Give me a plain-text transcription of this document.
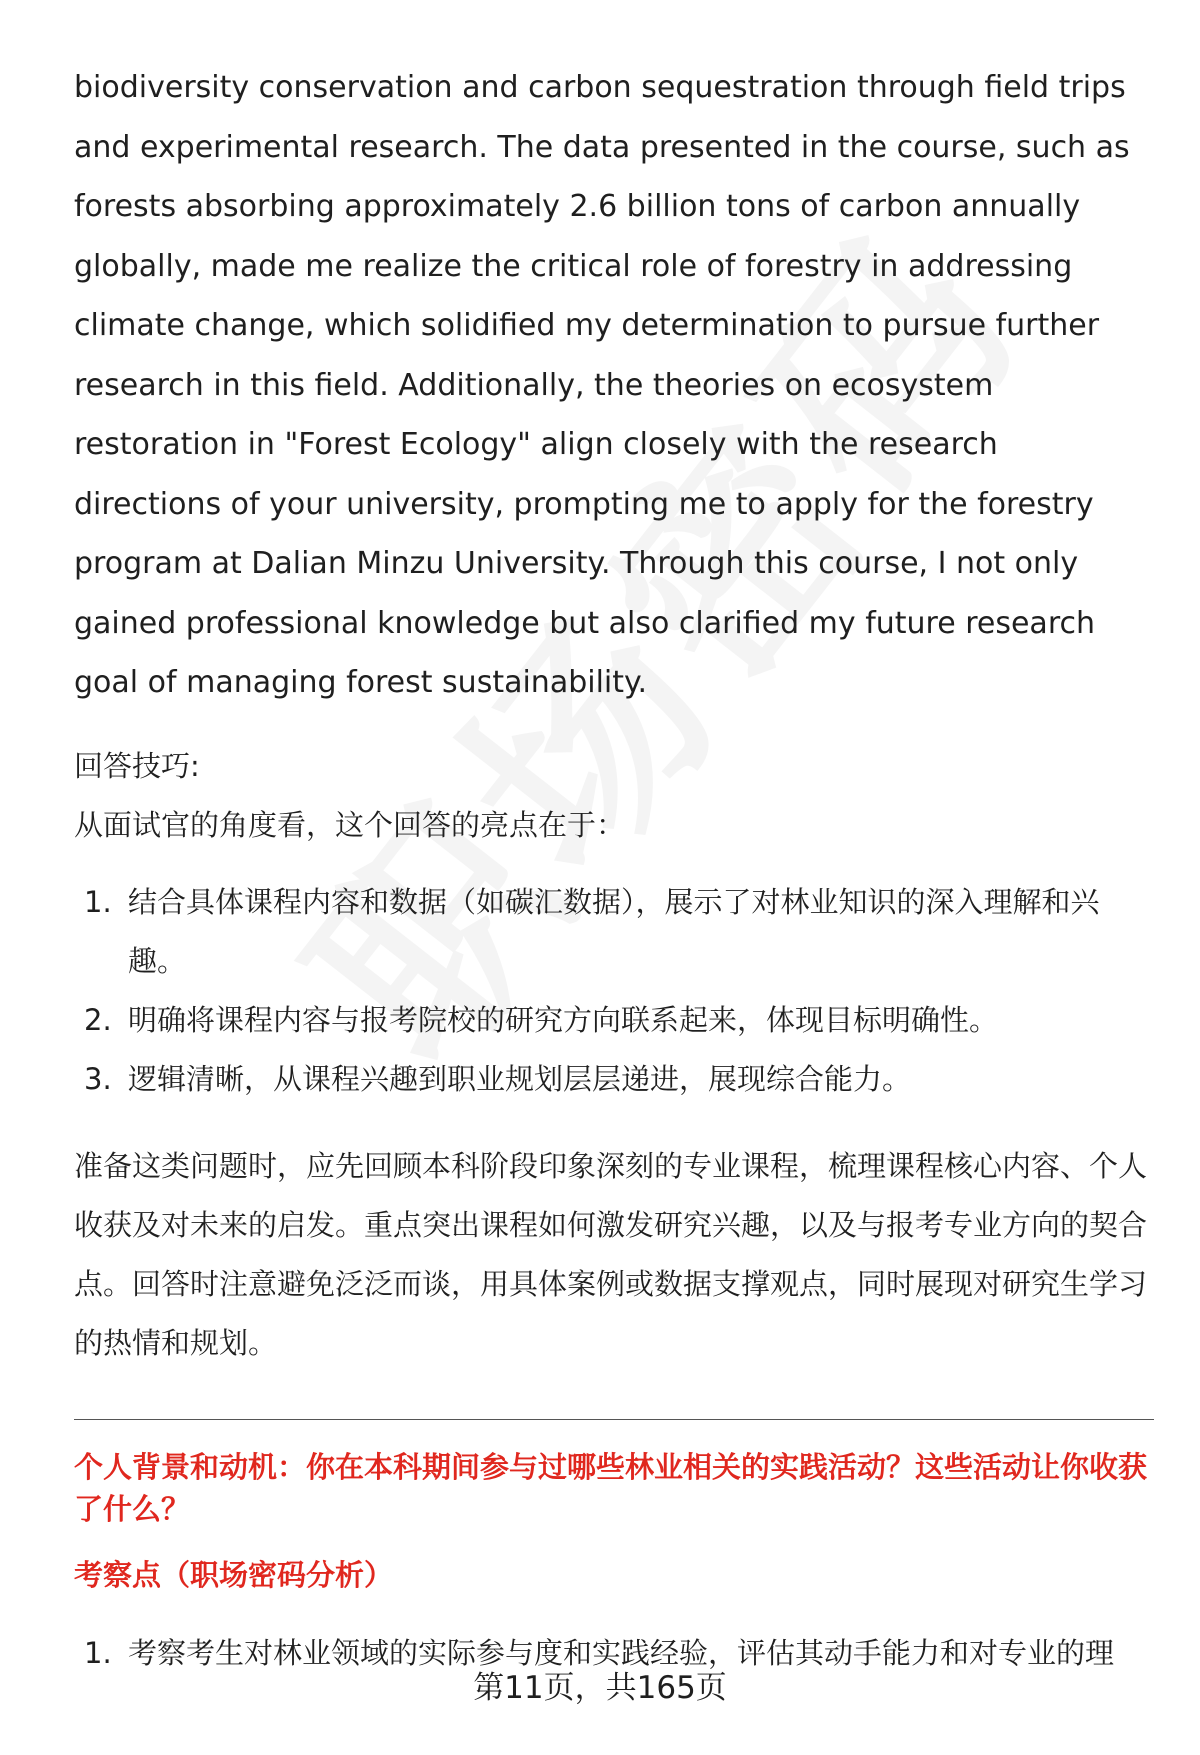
biodiversity conservation and carbon sequestration through field trips and experimental research. The data presented in the course, such as forests absorbing approximately 2.6 billion tons of carbon annually globally, made me realize the critical role of forestry in addressing climate change, which solidified my determination to pursue further research in this field. Additionally, the theories on ecosystem restoration in "Forest Ecology" align closely with the research directions of your university, prompting me to apply for the forestry program at Dalian Minzu University. Through this course, I not only gained professional knowledge but also clarified my future research goal of managing forest sustainability.

回答技巧:
从面试官的角度看，这个回答的亮点在于：
1. 结合具体课程内容和数据（如碳汇数据），展示了对林业知识的深入理解和兴趣。
2. 明确将课程内容与报考院校的研究方向联系起来，体现目标明确性。
3. 逻辑清晰，从课程兴趣到职业规划层层递进，展现综合能力。

准备这类问题时，应先回顾本科阶段印象深刻的专业课程，梳理课程核心内容、个人收获及对未来的启发。重点突出课程如何激发研究兴趣，以及与报考专业方向的契合点。回答时注意避免泛泛而谈，用具体案例或数据支撑观点，同时展现对研究生学习的热情和规划。

个人背景和动机：你在本科期间参与过哪些林业相关的实践活动？这些活动让你收获了什么？
考察点（职场密码分析）
1. 考察考生对林业领域的实际参与度和实践经验，评估其动手能力和对专业的理
第11页，共165页
